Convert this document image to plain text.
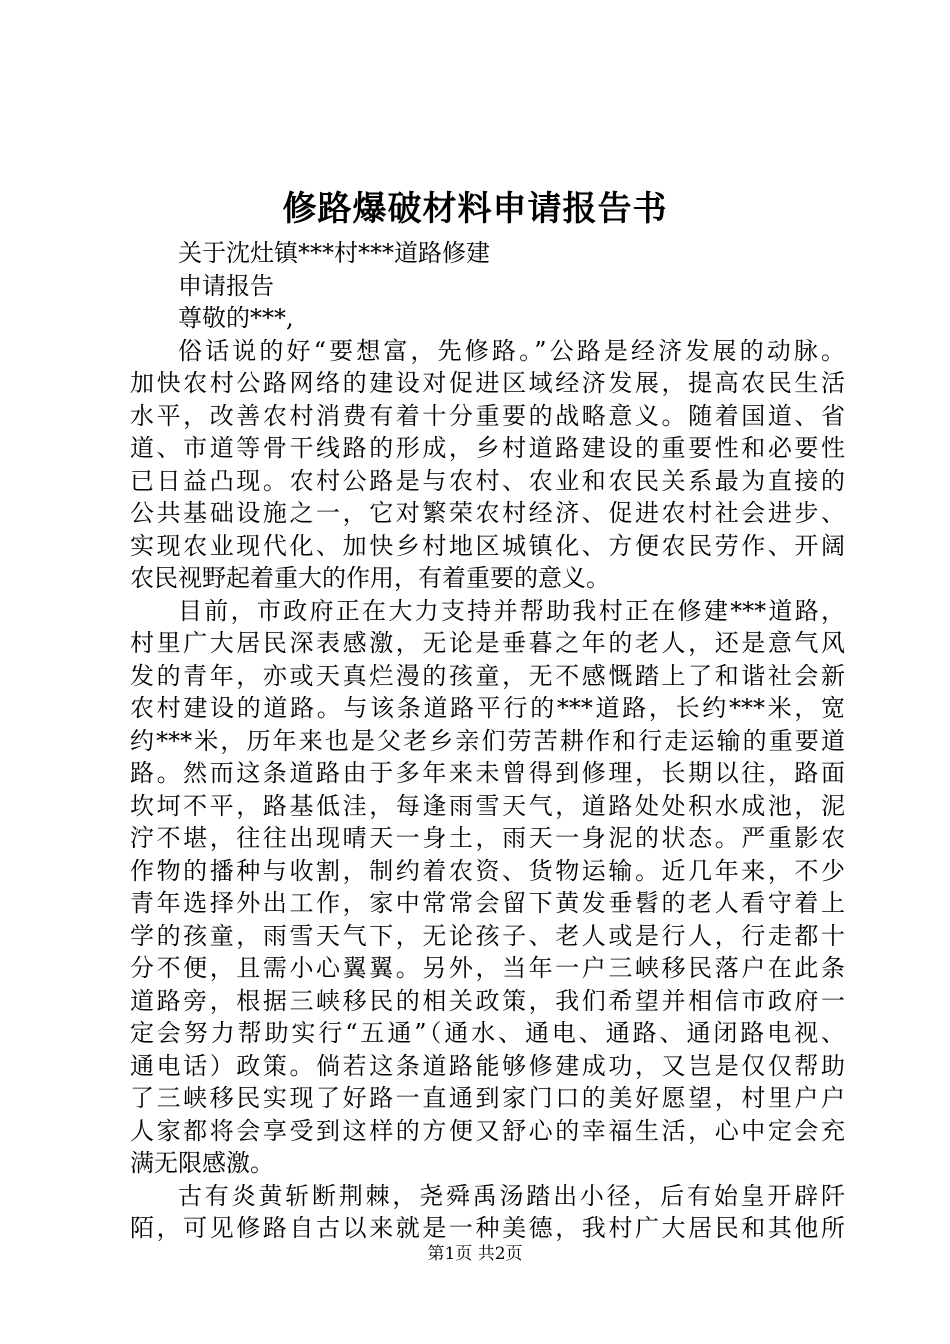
修路爆破材料申请报告书
关于沈灶镇***村***道路修建
申请报告
尊敬的***,
俗话说的好“要想富，先修路。”公路是经济发展的动脉。
加快农村公路网络的建设对促进区域经济发展，提高农民生活
水平，改善农村消费有着十分重要的战略意义。随着国道、省
道、市道等骨干线路的形成，乡村道路建设的重要性和必要性
已日益凸现。农村公路是与农村、农业和农民关系最为直接的
公共基础设施之一，它对繁荣农村经济、促进农村社会进步、
实现农业现代化、加快乡村地区城镇化、方便农民劳作、开阔
农民视野起着重大的作用，有着重要的意义。
目前，市政府正在大力支持并帮助我村正在修建***道路，
村里广大居民深表感激，无论是垂暮之年的老人，还是意气风
发的青年，亦或天真烂漫的孩童，无不感慨踏上了和谐社会新
农村建设的道路。与该条道路平行的***道路，长约***米，宽
约***米，历年来也是父老乡亲们劳苦耕作和行走运输的重要道
路。然而这条道路由于多年来未曾得到修理，长期以往，路面
坎坷不平，路基低洼，每逢雨雪天气，道路处处积水成池，泥
泞不堪，往往出现晴天一身土，雨天一身泥的状态。严重影农
作物的播种与收割，制约着农资、货物运输。近几年来，不少
青年选择外出工作，家中常常会留下黄发垂髫的老人看守着上
学的孩童，雨雪天气下，无论孩子、老人或是行人，行走都十
分不便，且需小心翼翼。另外，当年一户三峡移民落户在此条
道路旁，根据三峡移民的相关政策，我们希望并相信市政府一
定会努力帮助实行“五通”（通水、通电、通路、通闭路电视、
通电话）政策。倘若这条道路能够修建成功，又岂是仅仅帮助
了三峡移民实现了好路一直通到家门口的美好愿望，村里户户
人家都将会享受到这样的方便又舒心的幸福生活，心中定会充
满无限感激。
古有炎黄斩断荆棘，尧舜禹汤踏出小径，后有始皇开辟阡
陌，可见修路自古以来就是一种美德，我村广大居民和其他所
第1页 共2页
